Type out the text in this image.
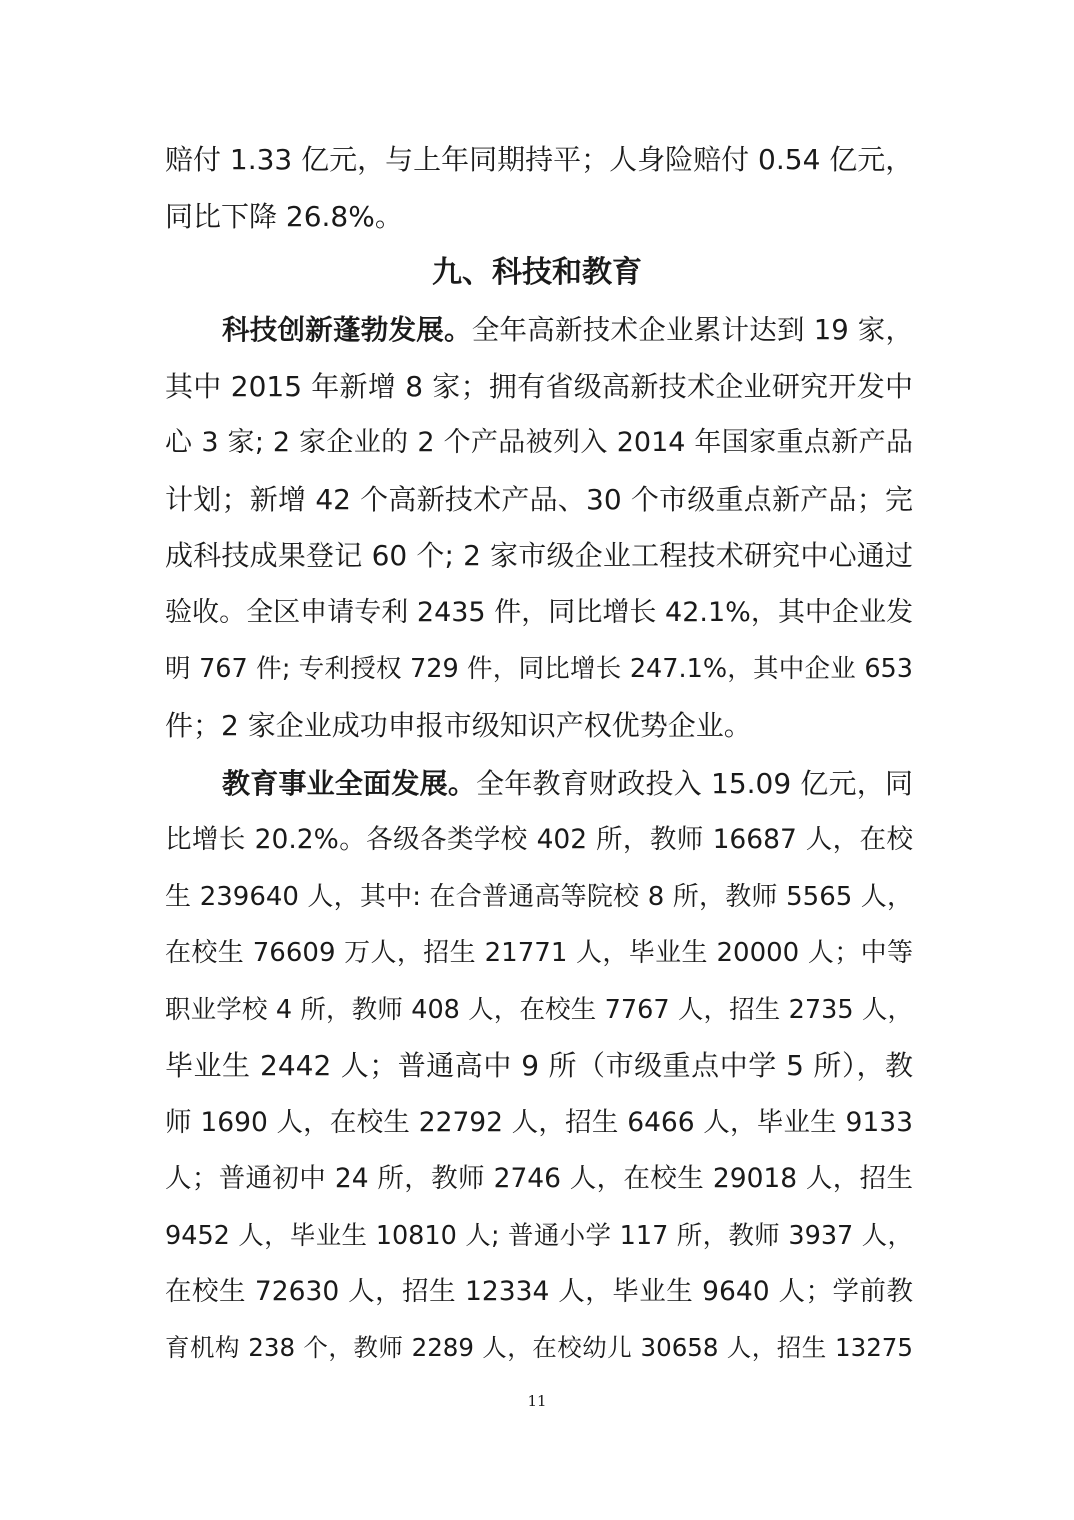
赔付 1.33 亿元，与上年同期持平；人身险赔付 0.54 亿元，
同比下降 26.8%。
九、科技和教育
科技创新蓬勃发展。全年高新技术企业累计达到 19 家，
其中 2015 年新增 8 家；拥有省级高新技术企业研究开发中
心 3 家; 2 家企业的 2 个产品被列入 2014 年国家重点新产品
计划；新增 42 个高新技术产品、30 个市级重点新产品；完
成科技成果登记 60 个; 2 家市级企业工程技术研究中心通过
验收。全区申请专利 2435 件，同比增长 42.1%，其中企业发
明 767 件; 专利授权 729 件，同比增长 247.1%，其中企业 653
件；2 家企业成功申报市级知识产权优势企业。
教育事业全面发展。全年教育财政投入 15.09 亿元，同
比增长 20.2%。各级各类学校 402 所，教师 16687 人，在校
生 239640 人，其中: 在合普通高等院校 8 所，教师 5565 人，
在校生 76609 万人，招生 21771 人，毕业生 20000 人；中等
职业学校 4 所，教师 408 人，在校生 7767 人，招生 2735 人，
毕业生 2442 人；普通高中 9 所（市级重点中学 5 所），教
师 1690 人，在校生 22792 人，招生 6466 人，毕业生 9133
人；普通初中 24 所，教师 2746 人，在校生 29018 人，招生
9452 人，毕业生 10810 人; 普通小学 117 所，教师 3937 人，
在校生 72630 人，招生 12334 人，毕业生 9640 人；学前教
育机构 238 个，教师 2289 人，在校幼儿 30658 人，招生 13275
11
